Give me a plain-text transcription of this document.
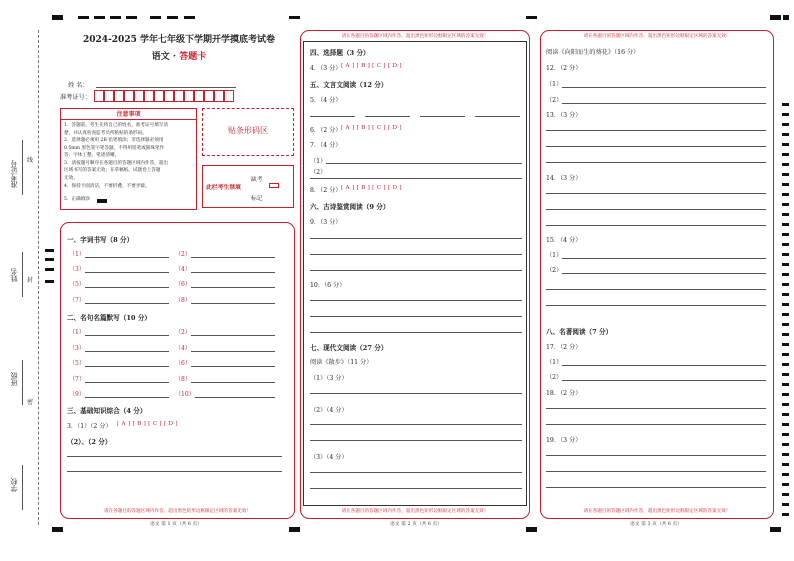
准考证号
姓名
班级
学校
线
封
密
2024-2025 学年七年级下学期开学摸底考试卷
语文 · 答题卡
姓 名：
准考证号：
注意事项
1．答题前，考生先将自己的姓名，准考证号填写清
楚，并认真检查监考员所粘贴的条形码。
2．选择题必须用 2B 铅笔填涂；非选择题必须用
0.5mm 黑色签字笔答题，不得用铅笔或圆珠笔作
答；字体工整、笔迹清晰。
3．请按题号顺序在各题目的答题区域内作答，超出
区域书写的答案无效；在草稿纸、试题卷上答题
无效。
4．保持卡面清洁，不要折叠、不要弄破。
5．正确填涂
贴条形码区
此栏考生禁填
缺考
标记
请在各题目的答题区域内作答，超出黑色矩形边框限定区域的答案无效！
一、字词书写（8 分）
（1）	（2）
（3）	（4）
（5）	（6）
（7）	（8）
二、名句名篇默写（10 分）
（1）	（2）
（3）	（4）
（5）	（6）
（7）	（8）
（9）	（10）
三、基础知识综合（4 分）
3．（1）（2 分） [ A ] [ B ] [ C ] [ D ]
（2）、（2 分）
语文 第 1 页（共 6 页）
请在各题目的答题区域内作答，超出黑色矩形边框限定区域的答案无效！
请在各题目的答题区域内作答，超出黑色矩形边框限定区域的答案无效！
四、选择题（3 分）
4．（3 分） [ A ] [ B ] [ C ] [ D ]
五、文言文阅读（12 分）
5．（4 分）
6．（2 分） [ A ] [ B ] [ C ] [ D ]
7．（4 分）
（1）
（2）
8．（2 分） [ A ] [ B ] [ C ] [ D ]
六、古诗鉴赏阅读（9 分）
9．（3 分）
10．（6 分）
七、现代文阅读（27 分）
阅读《散步》（11 分）
（1）（3 分）
（2）（4 分）
（3）（4 分）
语文 第 2 页（共 6 页）
请在各题目的答题区域内作答，超出黑色矩形边框限定区域的答案无效！
请在各题目的答题区域内作答，超出黑色矩形边框限定区域的答案无效！
阅读《向阳而生的葵花》（16 分）
12．（2 分）
（1）
（2）
13．（3 分）
14．（3 分）
15．（4 分）
（1）
（2）
八、名著阅读（7 分）
17．（2 分）
（1）
（2）
18．（2 分）
19．（3 分）
语文 第 3 页（共 6 页）
